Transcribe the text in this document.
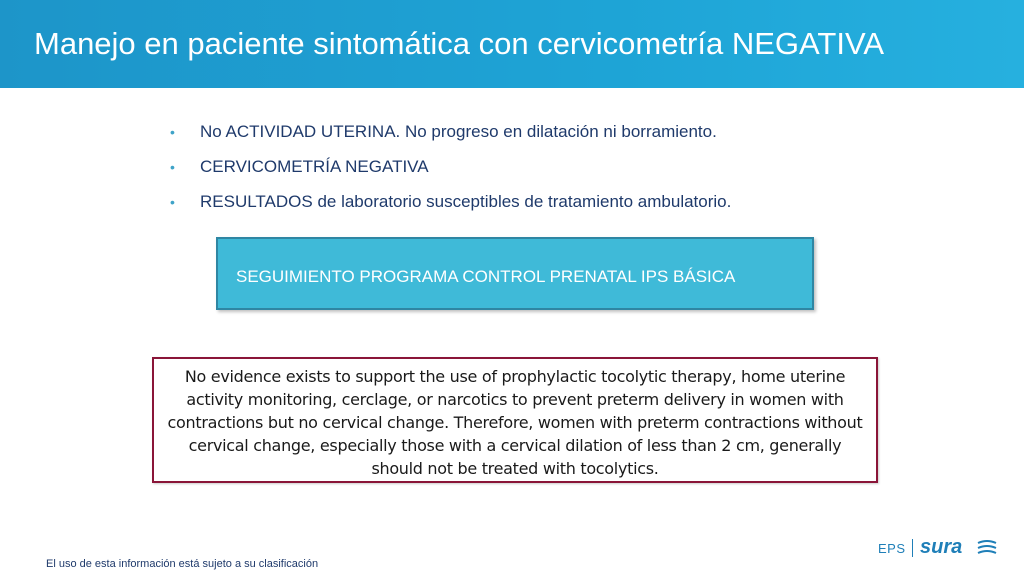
Manejo en paciente sintomática con cervicometría NEGATIVA
• No ACTIVIDAD UTERINA. No progreso en dilatación ni borramiento.
• CERVICOMETRÍA NEGATIVA
• RESULTADOS de laboratorio susceptibles de tratamiento ambulatorio.
SEGUIMIENTO PROGRAMA CONTROL PRENATAL IPS BÁSICA

No evidence exists to support the use of prophylactic tocolytic therapy, home uterine activity monitoring, cerclage, or narcotics to prevent preterm delivery in women with contractions but no cervical change. Therefore, women with preterm contractions without cervical change, especially those with a cervical dilation of less than 2 cm, generally should not be treated with tocolytics.

El uso de esta información está sujeto a su clasificación
EPS sura
